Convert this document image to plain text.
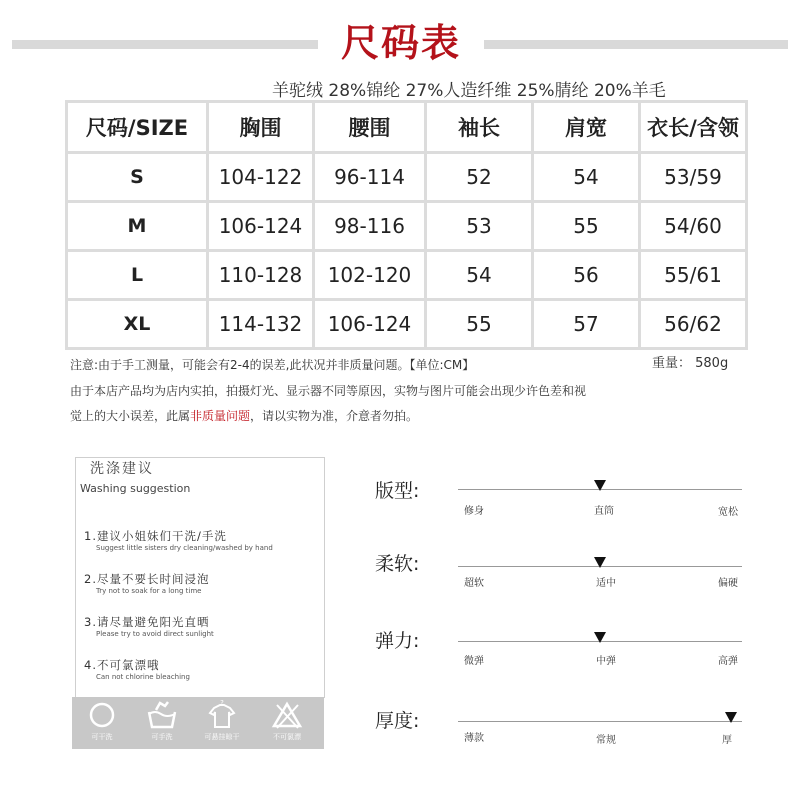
尺码表
羊驼绒 28%锦纶 27%人造纤维 25%腈纶 20%羊毛
尺码/SIZE	胸围	腰围	袖长	肩宽	衣长/含领
S	104-122	96-114	52	54	53/59
M	106-124	98-116	53	55	54/60
L	110-128	102-120	54	56	55/61
XL	114-132	106-124	55	57	56/62
注意:由于手工测量，可能会有2-4的误差,此状况并非质量问题。【单位:CM】	重量： 580g
由于本店产品均为店内实拍，拍摄灯光、显示器不同等原因，实物与图片可能会出现少许色差和视
觉上的大小误差，此属非质量问题，请以实物为准，介意者勿拍。
洗涤建议
Washing suggestion
1.建议小姐妹们干洗/手洗
Suggest little sisters dry cleaning/washed by hand
2.尽量不要长时间浸泡
Try not to soak for a long time
3.请尽量避免阳光直晒
Please try to avoid direct sunlight
4.不可氯漂哦
Can not chlorine bleaching
可干洗	可手洗
?
可悬挂晾干	不可氯漂
版型:
修身	直筒	宽松
柔软:
超软	适中	偏硬
弹力:
微弹	中弹	高弹
厚度:
薄款	常规	厚
